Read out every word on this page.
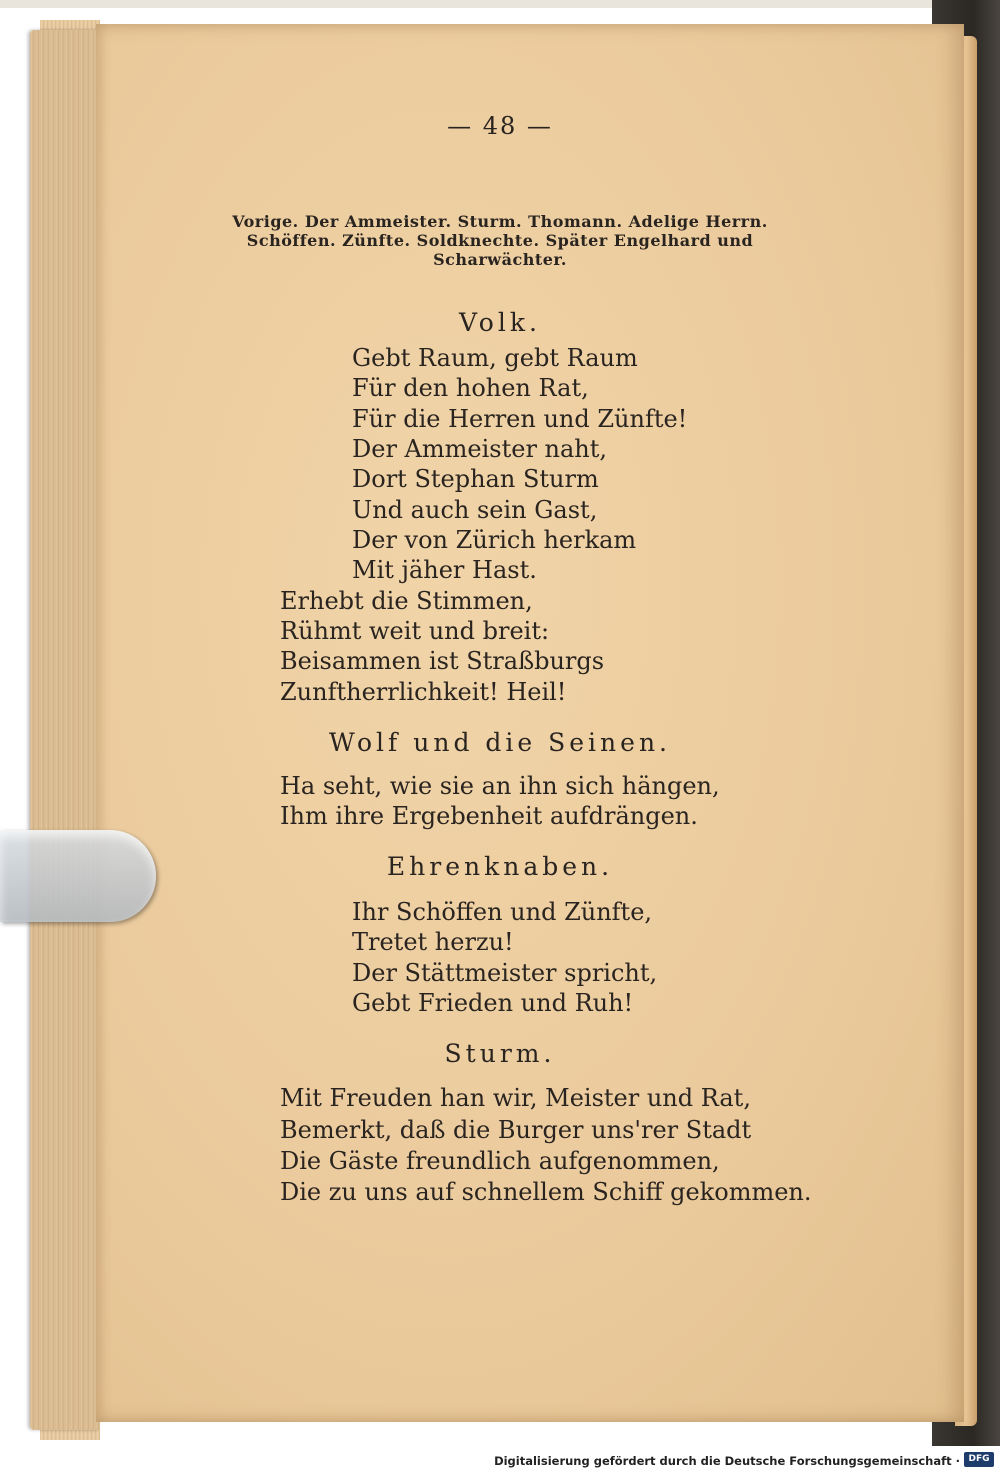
— 48 —
Vorige. Der Ammeister. Sturm. Thomann. Adelige Herrn.
Schöffen. Zünfte. Soldknechte. Später Engelhard und
Scharwächter.
Volk.
Gebt Raum, gebt Raum
Für den hohen Rat,
Für die Herren und Zünfte!
Der Ammeister naht,
Dort Stephan Sturm
Und auch sein Gast,
Der von Zürich herkam
Mit jäher Hast.
Erhebt die Stimmen,
Rühmt weit und breit:
Beisammen ist Straßburgs
Zunftherrlichkeit! Heil!
Wolf und die Seinen.
Ha seht, wie sie an ihn sich hängen,
Ihm ihre Ergebenheit aufdrängen.
Ehrenknaben.
Ihr Schöffen und Zünfte,
Tretet herzu!
Der Stättmeister spricht,
Gebt Frieden und Ruh!
Sturm.
Mit Freuden han wir, Meister und Rat,
Bemerkt, daß die Burger uns'rer Stadt
Die Gäste freundlich aufgenommen,
Die zu uns auf schnellem Schiff gekommen.
Digitalisierung gefördert durch die Deutsche Forschungsgemeinschaft · DFG
